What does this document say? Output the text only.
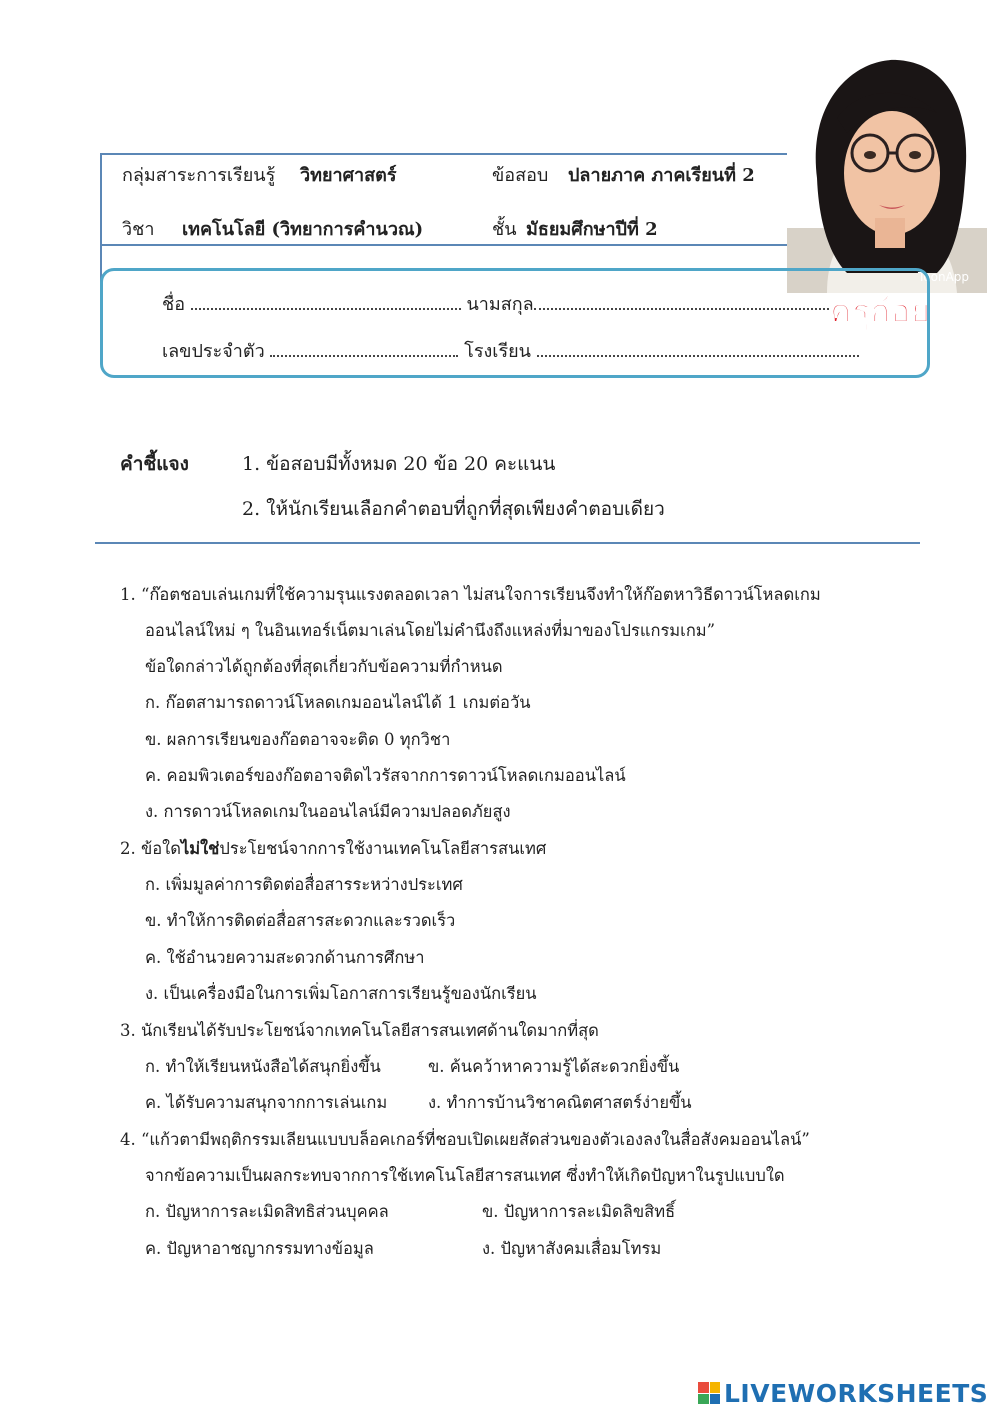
กลุ่มสาระการเรียนรู้ วิทยาศาสตร์	ข้อสอบ ปลายภาค ภาคเรียนที่ 2
วิชา เทคโนโลยี (วิทยาการคำนวณ)	ชั้น มัธยมศึกษาปีที่ 2
ToonApp
ครูก้อย
ชื่อ	นามสกุล
เลขประจำตัว	โรงเรียน
คำชี้แจง	1. ข้อสอบมีทั้งหมด 20 ข้อ 20 คะแนน
2. ให้นักเรียนเลือกคำตอบที่ถูกที่สุดเพียงคำตอบเดียว
1. “ก๊อตชอบเล่นเกมที่ใช้ความรุนแรงตลอดเวลา ไม่สนใจการเรียนจึงทำให้ก๊อตหาวิธีดาวน์โหลดเกม
ออนไลน์ใหม่ ๆ ในอินเทอร์เน็ตมาเล่นโดยไม่คำนึงถึงแหล่งที่มาของโปรแกรมเกม”
ข้อใดกล่าวได้ถูกต้องที่สุดเกี่ยวกับข้อความที่กำหนด
ก. ก๊อตสามารถดาวน์โหลดเกมออนไลน์ได้ 1 เกมต่อวัน
ข. ผลการเรียนของก๊อตอาจจะติด 0 ทุกวิชา
ค. คอมพิวเตอร์ของก๊อตอาจติดไวรัสจากการดาวน์โหลดเกมออนไลน์
ง. การดาวน์โหลดเกมในออนไลน์มีความปลอดภัยสูง
2. ข้อใดไม่ใช่ประโยชน์จากการใช้งานเทคโนโลยีสารสนเทศ
ก. เพิ่มมูลค่าการติดต่อสื่อสารระหว่างประเทศ
ข. ทำให้การติดต่อสื่อสารสะดวกและรวดเร็ว
ค. ใช้อำนวยความสะดวกด้านการศึกษา
ง. เป็นเครื่องมือในการเพิ่มโอกาสการเรียนรู้ของนักเรียน
3. นักเรียนได้รับประโยชน์จากเทคโนโลยีสารสนเทศด้านใดมากที่สุด
ก. ทำให้เรียนหนังสือได้สนุกยิ่งขึ้น	ข. ค้นคว้าหาความรู้ได้สะดวกยิ่งขึ้น
ค. ได้รับความสนุกจากการเล่นเกม ง. ทำการบ้านวิชาคณิตศาสตร์ง่ายขึ้น
4. “แก้วตามีพฤติกรรมเลียนแบบบล็อคเกอร์ที่ชอบเปิดเผยสัดส่วนของตัวเองลงในสื่อสังคมออนไลน์”
จากข้อความเป็นผลกระทบจากการใช้เทคโนโลยีสารสนเทศ ซึ่งทำให้เกิดปัญหาในรูปแบบใด
ก. ปัญหาการละเมิดสิทธิส่วนบุคคล	ข. ปัญหาการละเมิดลิขสิทธิ์
ค. ปัญหาอาชญากรรมทางข้อมูล	ง. ปัญหาสังคมเสื่อมโทรม
LIVEWORKSHEETS
